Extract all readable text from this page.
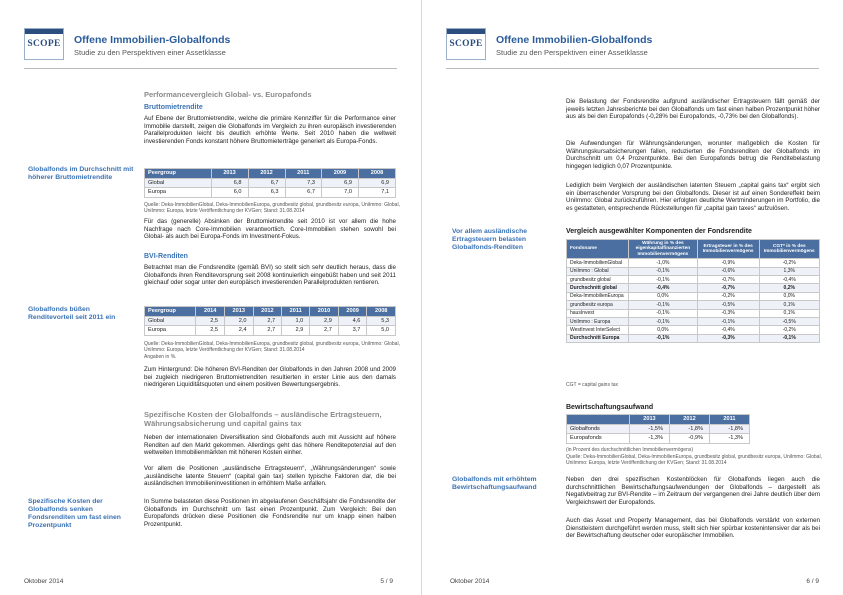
SCOPE Offene Immobilien-Globalfonds
Studie zu den Perspektiven einer Assetklasse
Performancevergleich Global- vs. Europafonds
Bruttomietrendite
Auf Ebene der Bruttomietrendite, welche die primäre Kennziffer für die Performance einer Immobilie darstellt, zeigen die Globalfonds im Vergleich zu ihren europäisch investierenden Parallelprodukten leicht bis deutlich erhöhte Werte. Seit 2010 haben die weltweit investierenden Fonds konstant höhere Bruttomieterträge generiert als Europa-Fonds.
Globalfonds im Durchschnitt mit höherer Bruttomietrendite
Peergroup	2013	2012	2011	2009	2008
Global	6,8	6,7	7,3	6,9	6,9
Europa	6,0	6,3	6,7	7,0	7,1
Quelle: Deka-ImmobilienGlobal, Deka-ImmobilienEuropa, grundbesitz global, grundbesitz europa, UniImmo: Global, UniImmo: Europa, letzte Veröffentlichung der KVGen; Stand: 31.08.2014
Für das (generelle) Absinken der Bruttomietrendite seit 2010 ist vor allem die hohe Nachfrage nach Core-Immobilien verantwortlich. Core-Immobilien stehen sowohl bei Global- als auch bei Europa-Fonds im Investment-Fokus.
BVI-Renditen
Betrachtet man die Fondsrendite (gemäß BVI) so stellt sich sehr deutlich heraus, dass die Globalfonds ihren Renditevorsprung seit 2008 kontinuierlich eingebüßt haben und seit 2011 gleichauf oder sogar unter den europäisch investierenden Parallelprodukten rentieren.
Globalfonds büßen Renditevorteil seit 2011 ein
Peergroup	2014	2013	2012	2011	2010	2009	2008
Global	2,5	2,0	2,7	1,0	2,9	4,6	5,3
Europa	2,5	2,4	2,7	2,9	2,7	3,7	5,0
Quelle: Deka-ImmobilienGlobal, Deka-ImmobilienEuropa, grundbesitz global, grundbesitz europa, UniImmo: Global, UniImmo: Europa, letzte Veröffentlichung der KVGen; Stand: 31.08.2014
Angaben in %.
Zum Hintergrund: Die höheren BVI-Renditen der Globalfonds in den Jahren 2008 und 2009 bei zugleich niedrigeren Bruttomietrenditen resultierten in erster Linie aus den damals niedrigeren Liquiditätsquoten und einem positiven Bewertungsergebnis.
Spezifische Kosten der Globalfonds – ausländische Ertragsteuern, Währungsabsicherung und capital gains tax
Neben der internationalen Diversifikation sind Globalfonds auch mit Aussicht auf höhere Renditen auf den Markt gekommen. Allerdings geht das höhere Renditepotenzial auf den weltweiten Immobilienmärkten mit höheren Kosten einher.
Vor allem die Positionen „ausländische Ertragsteuern“, „Währungsänderungen“ sowie „ausländische latente Steuern“ (capital gain tax) stellen typische Faktoren dar, die bei ausländischen Immobilieninvestitionen in erhöhtem Maße anfallen.
Spezifische Kosten der Globalfonds senken Fondsrenditen um fast einen Prozentpunkt
In Summe belasteten diese Positionen im abgelaufenen Geschäftsjahr die Fondsrendite der Globalfonds im Durchschnitt um fast einen Prozentpunkt. Zum Vergleich: Bei den Europafonds drücken diese Positionen die Fondsrendite nur um knapp einen halben Prozentpunkt.
Oktober 2014	5 / 9
SCOPE Offene Immobilien-Globalfonds
Studie zu den Perspektiven einer Assetklasse
Die Belastung der Fondsrendite aufgrund ausländischer Ertragsteuern fällt gemäß der jeweils letzten Jahresberichte bei den Globalfonds um fast einen halben Prozentpunkt höher aus als bei den Europafonds (-0,28% bei Europafonds, -0,73% bei den Globalfonds).
Die Aufwendungen für Währungsänderungen, worunter maßgeblich die Kosten für Währungskursabsicherungen fallen, reduzierten die Fondsrenditen der Globalfonds im Durchschnitt um 0,4 Prozentpunkte. Bei den Europafonds betrug die Renditebelastung hingegen lediglich 0,07 Prozentpunkte.
Lediglich beim Vergleich der ausländischen latenten Steuern „capital gains tax“ ergibt sich ein überraschender Vorsprung bei den Globalfonds. Dieser ist auf einen Sondereffekt beim UniImmo: Global zurückzuführen. Hier erfolgten deutliche Wertminderungen im Portfolio, die es gestatteten, entsprechende Rückstellungen für „capital gain taxes“ aufzulösen.
Vor allem ausländische Ertragsteuern belasten Globalfonds-Renditen
Vergleich ausgewählter Komponenten der Fondsrendite
Fondsname	Währung in % des eigenkapitalfinanzierten Immobilienvermögens	Ertragsteuer in % des Immobilienvermögens	CGT* in % des Immobilienvermögens
Deka-ImmobilienGlobal	-1,0%	-0,9%	-0,2%
UniImmo : Global	-0,1%	-0,6%	1,3%
grundbesitz global	-0,1%	-0,7%	-0,4%
Durchschnitt global	-0,4%	-0,7%	0,2%
Deka-ImmobilienEuropa	0,0%	-0,2%	0,0%
grundbesitz europa	-0,1%	-0,5%	0,1%
hausInvest	-0,1%	-0,3%	0,1%
UniImmo : Europa	-0,1%	-0,1%	-0,5%
WestInvest InterSelect	0,0%	-0,4%	-0,2%
Durchschnitt Europa	-0,1%	-0,3%	-0,1%
CGT = capital gains tax
Bewirtschaftungsaufwand
	2013	2012	2011
Globalfonds	-1,5%	-1,8%	-1,8%
Europafonds	-1,3%	-0,9%	-1,3%
(in Prozent des durchschnittlichen Immobilienvermögens)
Quelle: Deka-ImmobilienGlobal, Deka-ImmobilienEuropa, grundbesitz global, grundbesitz europa, UniImmo: Global, UniImmo: Europa, letzte Veröffentlichung der KVGen; Stand: 31.08.2014
Globalfonds mit erhöhtem Bewirtschaftungsaufwand
Neben den drei spezifischen Kostenblöcken für Globalfonds liegen auch die durchschnittlichen Bewirtschaftungsaufwendungen der Globalfonds – dargestellt als Negativbeitrag zur BVI-Rendite – im Zeitraum der vergangenen drei Jahre deutlich über dem Vergleichswert der Europafonds.
Auch das Asset und Property Management, das bei Globalfonds verstärkt von externen Dienstleistern durchgeführt werden muss, stellt sich hier spürbar kostenintensiver dar als bei der Bewirtschaftung deutscher oder europäischer Immobilien.
Oktober 2014	6 / 9
